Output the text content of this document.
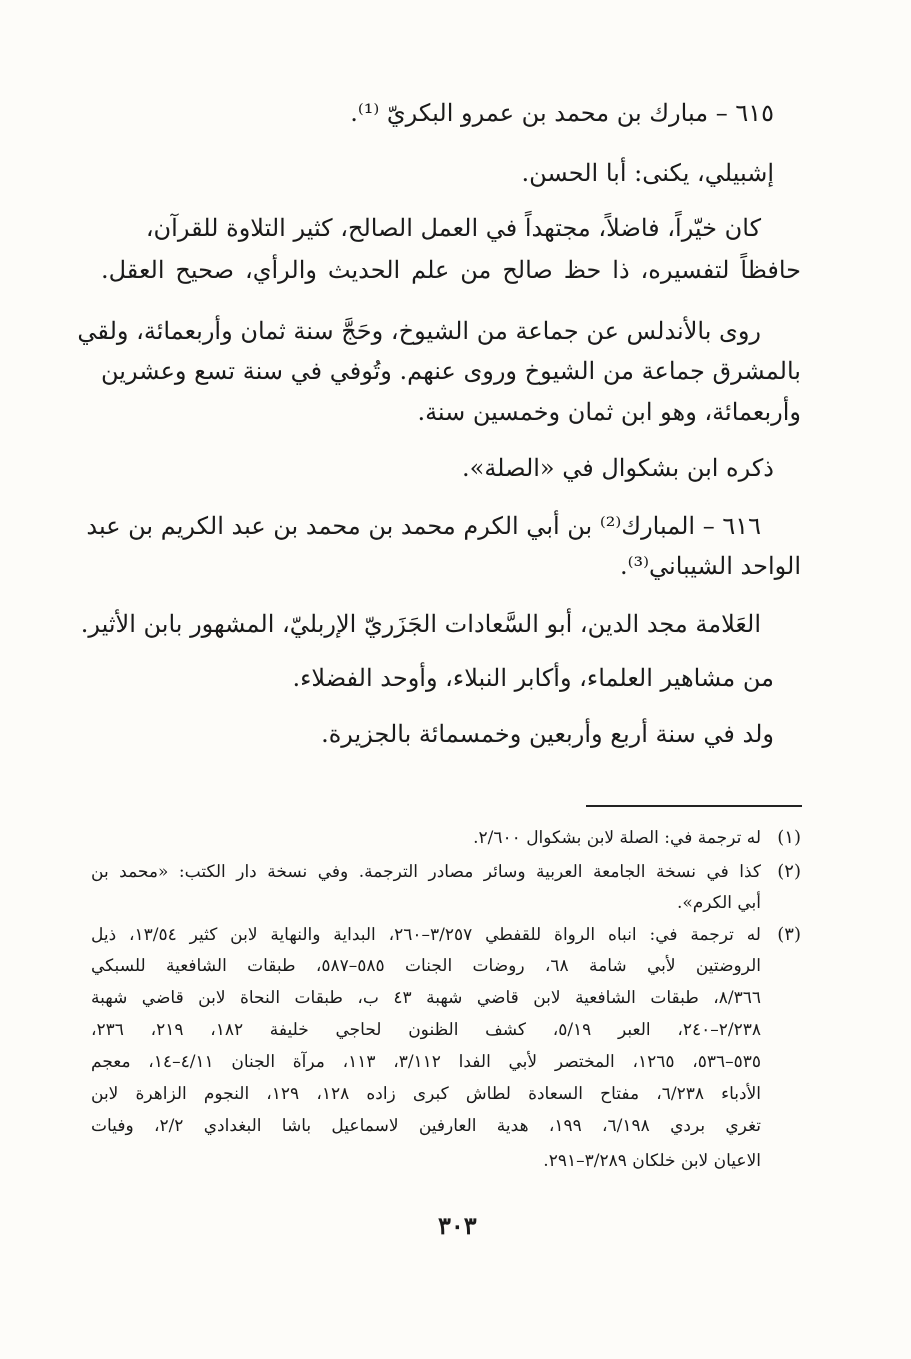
٦١٥ – مبارك بن محمد بن عمرو البكريّ ⁽¹⁾.
إشبيلي، يكنى: أبا الحسن.
كان خيّراً، فاضلاً، مجتهداً في العمل الصالح، كثير التلاوة للقرآن،
حافظاً لتفسيره، ذا حظ صالح من علم الحديث والرأي، صحيح العقل.
روى بالأندلس عن جماعة من الشيوخ، وحَجَّ سنة ثمان وأربعمائة، ولقي
بالمشرق جماعة من الشيوخ وروى عنهم. وتُوفي في سنة تسع وعشرين
وأربعمائة، وهو ابن ثمان وخمسين سنة.
ذكره ابن بشكوال في «الصلة».
٦١٦ – المبارك⁽²⁾ بن أبي الكرم محمد بن محمد بن عبد الكريم بن عبد
الواحد الشيباني⁽³⁾.
العَلامة مجد الدين، أبو السَّعادات الجَزَريّ الإربليّ، المشهور بابن الأثير.
من مشاهير العلماء، وأكابر النبلاء، وأوحد الفضلاء.
ولد في سنة أربع وأربعين وخمسمائة بالجزيرة.
(١)
له ترجمة في: الصلة لابن بشكوال ٢/٦٠٠.
(٢)
كذا في نسخة الجامعة العربية وسائر مصادر الترجمة. وفي نسخة دار الكتب: «محمد بن
أبي الكرم».
(٣)
له ترجمة في: انباه الرواة للقفطي ٣/٢٥٧–٢٦٠، البداية والنهاية لابن كثير ١٣/٥٤، ذيل
الروضتين لأبي شامة ٦٨، روضات الجنات ٥٨٥–٥٨٧، طبقات الشافعية للسبكي
٨/٣٦٦، طبقات الشافعية لابن قاضي شهبة ٤٣ ب، طبقات النحاة لابن قاضي شهبة
٢/٢٣٨–٢٤٠، العبر ٥/١٩، كشف الظنون لحاجي خليفة ١٨٢، ٢١٩، ٢٣٦،
٥٣٥–٥٣٦، ١٢٦٥، المختصر لأبي الفدا ٣/١١٢، ١١٣، مرآة الجنان ٤/١١–١٤، معجم
الأدباء ٦/٢٣٨، مفتاح السعادة لطاش كبرى زاده ١٢٨، ١٢٩، النجوم الزاهرة لابن
تغري بردي ٦/١٩٨، ١٩٩، هدية العارفين لاسماعيل باشا البغدادي ٢/٢، وفيات
الاعيان لابن خلكان ٣/٢٨٩–٢٩١.
٣٠٣
